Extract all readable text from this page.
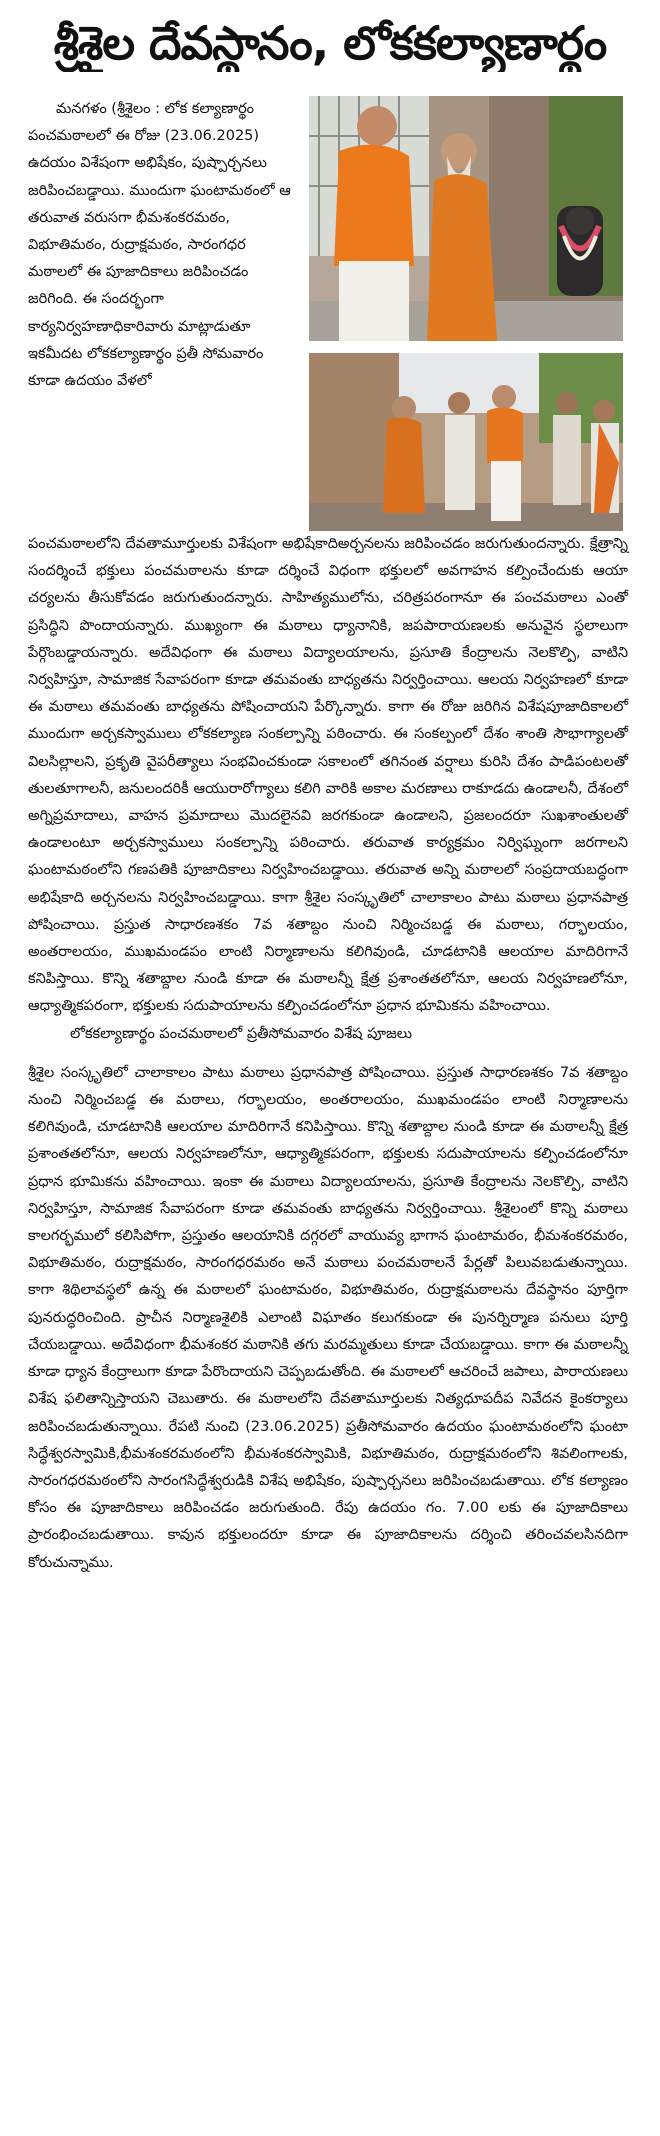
శ్రీశైల దేవస్థానం, లోకకల్యాణార్థం

మనగళం (శ్రీశైలం : లోక కల్యాణార్థం పంచమఠాలలో ఈ రోజు (23.06.2025) ఉదయం విశేషంగా అభిషేకం, పుష్పార్చనలు జరిపించబడ్డాయి. ముందుగా ఘంటామఠంలో ఆ తరువాత వరుసగా భీమశంకరమఠం, విభూతిమఠం, రుద్రాక్షమఠం, సారంగధర మఠాలలో ఈ పూజాదికాలు జరిపించడం జరిగింది. ఈ సందర్భంగా కార్యనిర్వహణాధికారివారు మాట్లాడుతూ ఇకమీదట లోకకల్యాణార్థం ప్రతీ సోమవారం కూడా ఉదయం వేళలో

పంచమఠాలలోని దేవతామూర్తులకు విశేషంగా అభిషేకాదిఅర్చనలను జరిపించడం జరుగుతుందన్నారు. క్షేత్రాన్ని సందర్శించే భక్తులు పంచమఠాలను కూడా దర్శించే విధంగా భక్తులలో అవగాహన కల్పించేందుకు ఆయా చర్యలను తీసుకోవడం జరుగుతుందన్నారు. సాహిత్యములోను, చరిత్రపరంగానూ ఈ పంచమఠాలు ఎంతో ప్రసిద్ధిని పొందాయన్నారు. ముఖ్యంగా ఈ మఠాలు ధ్యానానికి, జపపారాయణలకు అనువైన స్థలాలుగా పేర్గొంబడ్డాయన్నారు. అదేవిధంగా ఈ మఠాలు విద్యాలయాలను, ప్రసూతి కేంద్రాలను నెలకొల్పి, వాటిని నిర్వహిస్తూ, సామాజిక సేవాపరంగా కూడా తమవంతు బాధ్యతను నిర్వర్తించాయి. ఆలయ నిర్వహణలో కూడా ఈ మఠాలు తమవంతు బాధ్యతను పోషించాయని పేర్కొన్నారు. కాగా ఈ రోజు జరిగిన విశేషపూజాదికాలలో ముందుగా అర్చకస్వాములు లోకకల్యాణ సంకల్పాన్ని పఠించారు. ఈ సంకల్పంలో దేశం శాంతి సౌభాగ్యాలతో విలసిల్లాలని, ప్రకృతి వైపరీత్యాలు సంభవించకుండా సకాలంలో తగినంత వర్షాలు కురిసి దేశం పాడిపంటలతో తులతూగాలనీ, జనులందరికీ ఆయురారోగ్యాలు కలిగి వారికి అకాల మరణాలు రాకూడదు ఉండాలనీ, దేశంలో అగ్నిప్రమాదాలు, వాహన ప్రమాదాలు మొదలైనవి జరగకుండా ఉండాలని, ప్రజలందరూ సుఖశాంతులతో ఉండాలంటూ అర్చకస్వాములు సంకల్పాన్ని పఠించారు. తరువాత కార్యక్రమం నిర్విఘ్నంగా జరగాలని ఘంటామఠంలోని గణపతికి పూజాదికాలు నిర్వహించబడ్డాయి. తరువాత అన్ని మఠాలలో సంప్రదాయబద్ధంగా అభిషేకాది అర్చనలను నిర్వహించబడ్డాయి. కాగా శ్రీశైల సంస్కృతిలో చాలాకాలం పాటు మఠాలు ప్రధానపాత్ర పోషించాయి. ప్రస్తుత సాధారణశకం 7వ శతాబ్దం నుంచి నిర్మించబడ్డ ఈ మఠాలు, గర్భాలయం, అంతరాలయం, ముఖమండపం లాంటి నిర్మాణాలను కలిగివుండి, చూడటానికి ఆలయాల మాదిరిగానే కనిపిస్తాయి. కొన్ని శతాబ్దాల నుండి కూడా ఈ మఠాలన్నీ క్షేత్ర ప్రశాంతతలోనూ, ఆలయ నిర్వహణలోనూ, ఆధ్యాత్మికపరంగా, భక్తులకు సదుపాయాలను కల్పించడంలోనూ ప్రధాన భూమికను వహించాయి.

లోకకల్యాణార్థం పంచమఠాలలో ప్రతీసోమవారం విశేష పూజలు

శ్రీశైల సంస్కృతిలో చాలాకాలం పాటు మఠాలు ప్రధానపాత్ర పోషించాయి. ప్రస్తుత సాధారణశకం 7వ శతాబ్దం నుంచి నిర్మించబడ్డ ఈ మఠాలు, గర్భాలయం, అంతరాలయం, ముఖమండపం లాంటి నిర్మాణాలను కలిగివుండి, చూడటానికి ఆలయాల మాదిరిగానే కనిపిస్తాయి. కొన్ని శతాబ్దాల నుండి కూడా ఈ మఠాలన్నీ క్షేత్ర ప్రశాంతతలోనూ, ఆలయ నిర్వహణలోనూ, ఆధ్యాత్మికపరంగా, భక్తులకు సదుపాయాలను కల్పించడంలోనూ ప్రధాన భూమికను వహించాయి. ఇంకా ఈ మఠాలు విద్యాలయాలను, ప్రసూతి కేంద్రాలను నెలకొల్పి, వాటిని నిర్వహిస్తూ, సామాజిక సేవాపరంగా కూడా తమవంతు బాధ్యతను నిర్వర్తించాయి. శ్రీశైలంలో కొన్ని మఠాలు కాలగర్భములో కలిసిపోగా, ప్రస్తుతం ఆలయానికి దగ్గరలో వాయువ్య భాగాన ఘంటామఠం, భీమశంకరమఠం, విభూతిమఠం, రుద్రాక్షమఠం, సారంగధరమఠం అనే మఠాలు పంచమఠాలనే పేర్లతో పిలువబడుతున్నాయి. కాగా శిథిలావస్థలో ఉన్న ఈ మఠాలలో ఘంటామఠం, విభూతిమఠం, రుద్రాక్షమఠాలను దేవస్థానం పూర్తిగా పునరుద్ధరించింది. ప్రాచీన నిర్మాణశైలికి ఎలాంటి విఘాతం కలుగకుండా ఈ పునర్నిర్మాణ పనులు పూర్తి చేయబడ్డాయి. అదేవిధంగా భీమశంకర మఠానికి తగు మరమ్మతులు కూడా చేయబడ్డాయి. కాగా ఈ మఠాలన్నీ కూడా ధ్యాన కేంద్రాలుగా కూడా పేరొందాయని చెప్పబడుతోంది. ఈ మఠాలలో ఆచరించే జపాలు, పారాయణలు విశేష ఫలితాన్నిస్తాయని చెబుతారు. ఈ మఠాలలోని దేవతామూర్తులకు నిత్యధూపదీప నివేదన కైంకర్యాలు జరిపించబడుతున్నాయి. రేపటి నుంచి (23.06.2025) ప్రతీసోమవారం ఉదయం ఘంటామఠంలోని ఘంటా సిద్ధేశ్వరస్వామికి,భీమశంకరమఠంలోని భీమశంకరస్వామికి, విభూతిమఠం, రుద్రాక్షమఠంలోని శివలింగాలకు, సారంగధరమఠంలోని సారంగసిద్ధేశ్వరుడికి విశేష అభిషేకం, పుష్పార్చనలు జరిపించబడుతాయి. లోక కల్యాణం కోసం ఈ పూజాదికాలు జరిపించడం జరుగుతుంది. రేపు ఉదయం గం. 7.00 లకు ఈ పూజాదికాలు ప్రారంభించబడుతాయి. కావున భక్తులందరూ కూడా ఈ పూజాదికాలను దర్శించి తరించవలసినదిగా కోరుచున్నాము.
